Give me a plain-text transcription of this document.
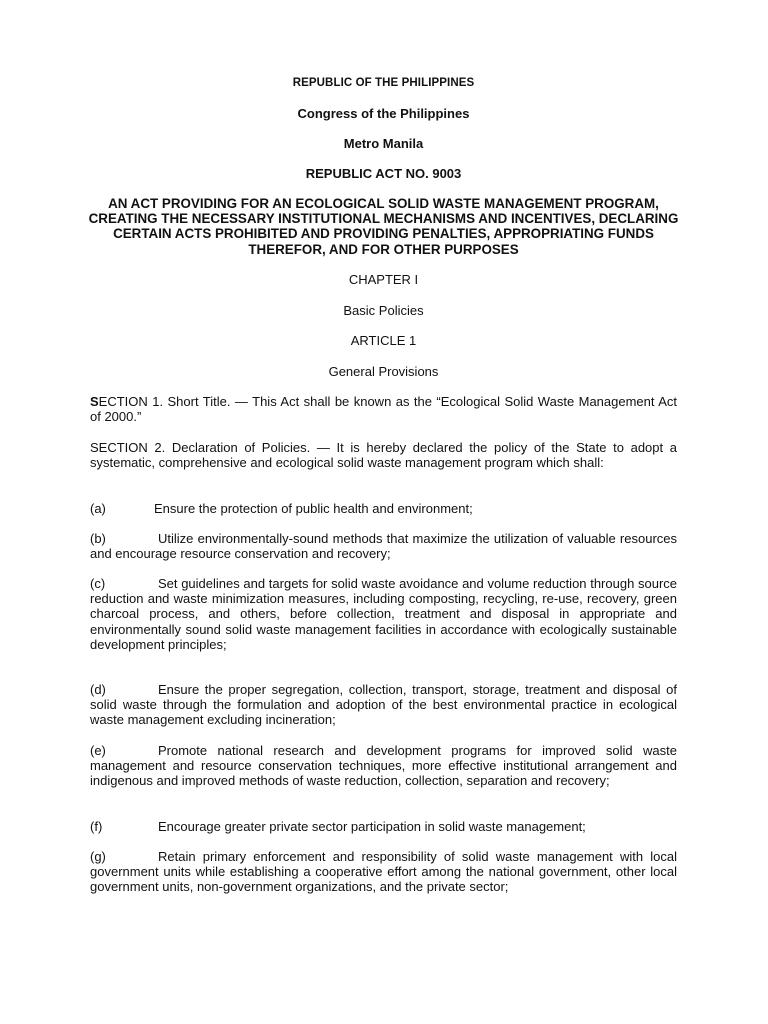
REPUBLIC OF THE PHILIPPINES
Congress of the Philippines
Metro Manila
REPUBLIC ACT NO. 9003
AN ACT PROVIDING FOR AN ECOLOGICAL SOLID WASTE MANAGEMENT PROGRAM, CREATING THE NECESSARY INSTITUTIONAL MECHANISMS AND INCENTIVES, DECLARING CERTAIN ACTS PROHIBITED AND PROVIDING PENALTIES, APPROPRIATING FUNDS THEREFOR, AND FOR OTHER PURPOSES
CHAPTER I
Basic Policies
ARTICLE 1
General Provisions
SECTION 1. Short Title. — This Act shall be known as the “Ecological Solid Waste Management Act of 2000.”
SECTION 2. Declaration of Policies. — It is hereby declared the policy of the State to adopt a systematic, comprehensive and ecological solid waste management program which shall:
(a)	Ensure the protection of public health and environment;
(b)	Utilize environmentally-sound methods that maximize the utilization of valuable resources and encourage resource conservation and recovery;
(c)	Set guidelines and targets for solid waste avoidance and volume reduction through source reduction and waste minimization measures, including composting, recycling, re-use, recovery, green charcoal process, and others, before collection, treatment and disposal in appropriate and environmentally sound solid waste management facilities in accordance with ecologically sustainable development principles;
(d)	Ensure the proper segregation, collection, transport, storage, treatment and disposal of solid waste through the formulation and adoption of the best environmental practice in ecological waste management excluding incineration;
(e)	Promote national research and development programs for improved solid waste management and resource conservation techniques, more effective institutional arrangement and indigenous and improved methods of waste reduction, collection, separation and recovery;
(f)	Encourage greater private sector participation in solid waste management;
(g)	Retain primary enforcement and responsibility of solid waste management with local government units while establishing a cooperative effort among the national government, other local government units, non-government organizations, and the private sector;
